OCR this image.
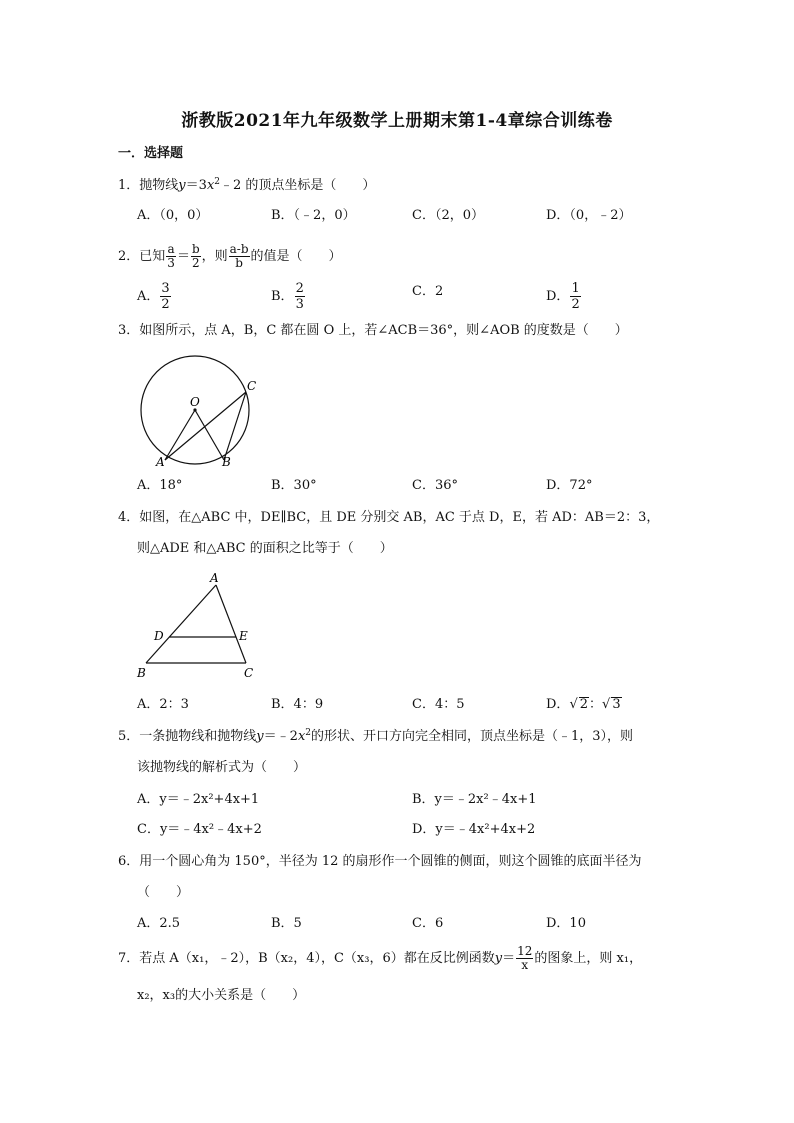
浙教版2021年九年级数学上册期末第1-4章综合训练卷
一．选择题
1．抛物线$y=3x^2﹣2$ 的顶点坐标是（　　）
A．（0，0）	B．（﹣2，0）	C．（2，0）	D．（0，﹣2）
2．已知 $\frac{a}{3} = \frac{b}{2}$ ，则 $\frac{a-b}{b}$ 的值是（　　）
A． $\frac{3}{2}$	B． $\frac{2}{3}$	C．2	D． $\frac{1}{2}$
3．如图所示，点 A，B，C 都在圆 O 上，若∠ACB＝36°，则∠AOB 的度数是（　　）
O
A	B
C
A．18°	B．30°	C．36°	D．72°
4．如图，在△ABC 中，DE∥BC，且 DE 分别交 AB，AC 于点 D，E，若 AD：AB＝2：3，
则△ADE 和△ABC 的面积之比等于（　　）
A
D	E
B	C
A．2：3	B．4：9	C．4：5	D．√ 2：√ 3
5．一条抛物线和抛物线$y=﹣2x^2$的形状、开口方向完全相同，顶点坐标是（﹣1，3），则
该抛物线的解析式为（　　）
A．y＝﹣2x²+4x+1	B．y＝﹣2x²﹣4x+1
C．y＝﹣4x²﹣4x+2	D．y＝﹣4x²+4x+2
6．用一个圆心角为 150°，半径为 12 的扇形作一个圆锥的侧面，则这个圆锥的底面半径为
（　　）
A．2.5	B．5	C．6	D．10
7．若点 A（x₁，﹣2），B（x₂，4），C（x₃，6）都在反比例函数$y= \frac{12}{x}$ 的图象上，则 x₁，
x₂，x₃的大小关系是（　　）
